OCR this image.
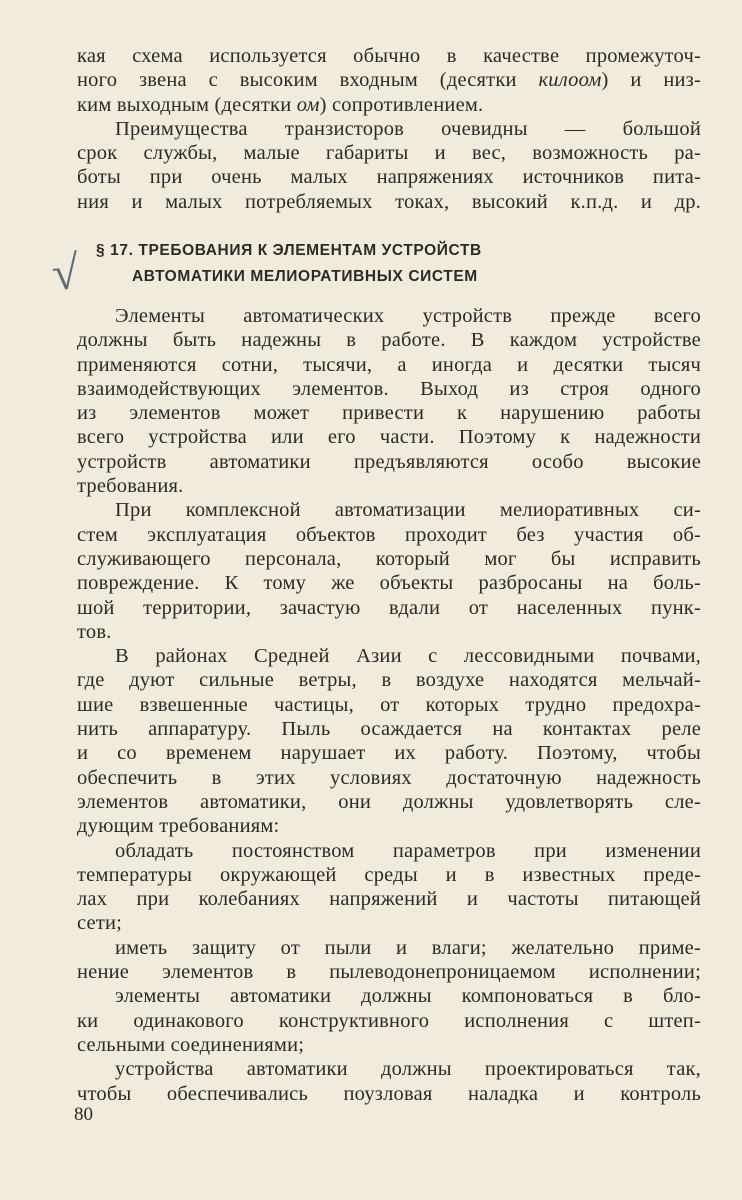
кая схема используется обычно в качестве промежуточ-
ного звена с высоким входным (десятки килоом) и низ-
ким выходным (десятки ом) сопротивлением.
Преимущества транзисторов очевидны — большой
срок службы, малые габариты и вес, возможность ра-
боты при очень малых напряжениях источников пита-
ния и малых потребляемых токах, высокий к.п.д. и др.
√ § 17. ТРЕБОВАНИЯ К ЭЛЕМЕНТАМ УСТРОЙСТВ
АВТОМАТИКИ МЕЛИОРАТИВНЫХ СИСТЕМ
Элементы автоматических устройств прежде всего
должны быть надежны в работе. В каждом устройстве
применяются сотни, тысячи, а иногда и десятки тысяч
взаимодействующих элементов. Выход из строя одного
из элементов может привести к нарушению работы
всего устройства или его части. Поэтому к надежности
устройств автоматики предъявляются особо высокие
требования.
При комплексной автоматизации мелиоративных си-
стем эксплуатация объектов проходит без участия об-
служивающего персонала, который мог бы исправить
повреждение. К тому же объекты разбросаны на боль-
шой территории, зачастую вдали от населенных пунк-
тов.
В районах Средней Азии с лессовидными почвами,
где дуют сильные ветры, в воздухе находятся мельчай-
шие взвешенные частицы, от которых трудно предохра-
нить аппаратуру. Пыль осаждается на контактах реле
и со временем нарушает их работу. Поэтому, чтобы
обеспечить в этих условиях достаточную надежность
элементов автоматики, они должны удовлетворять сле-
дующим требованиям:
обладать постоянством параметров при изменении
температуры окружающей среды и в известных преде-
лах при колебаниях напряжений и частоты питающей
сети;
иметь защиту от пыли и влаги; желательно приме-
нение элементов в пылеводонепроницаемом исполнении;
элементы автоматики должны компоноваться в бло-
ки одинакового конструктивного исполнения с штеп-
сельными соединениями;
устройства автоматики должны проектироваться так,
чтобы обеспечивались поузловая наладка и контроль
80
